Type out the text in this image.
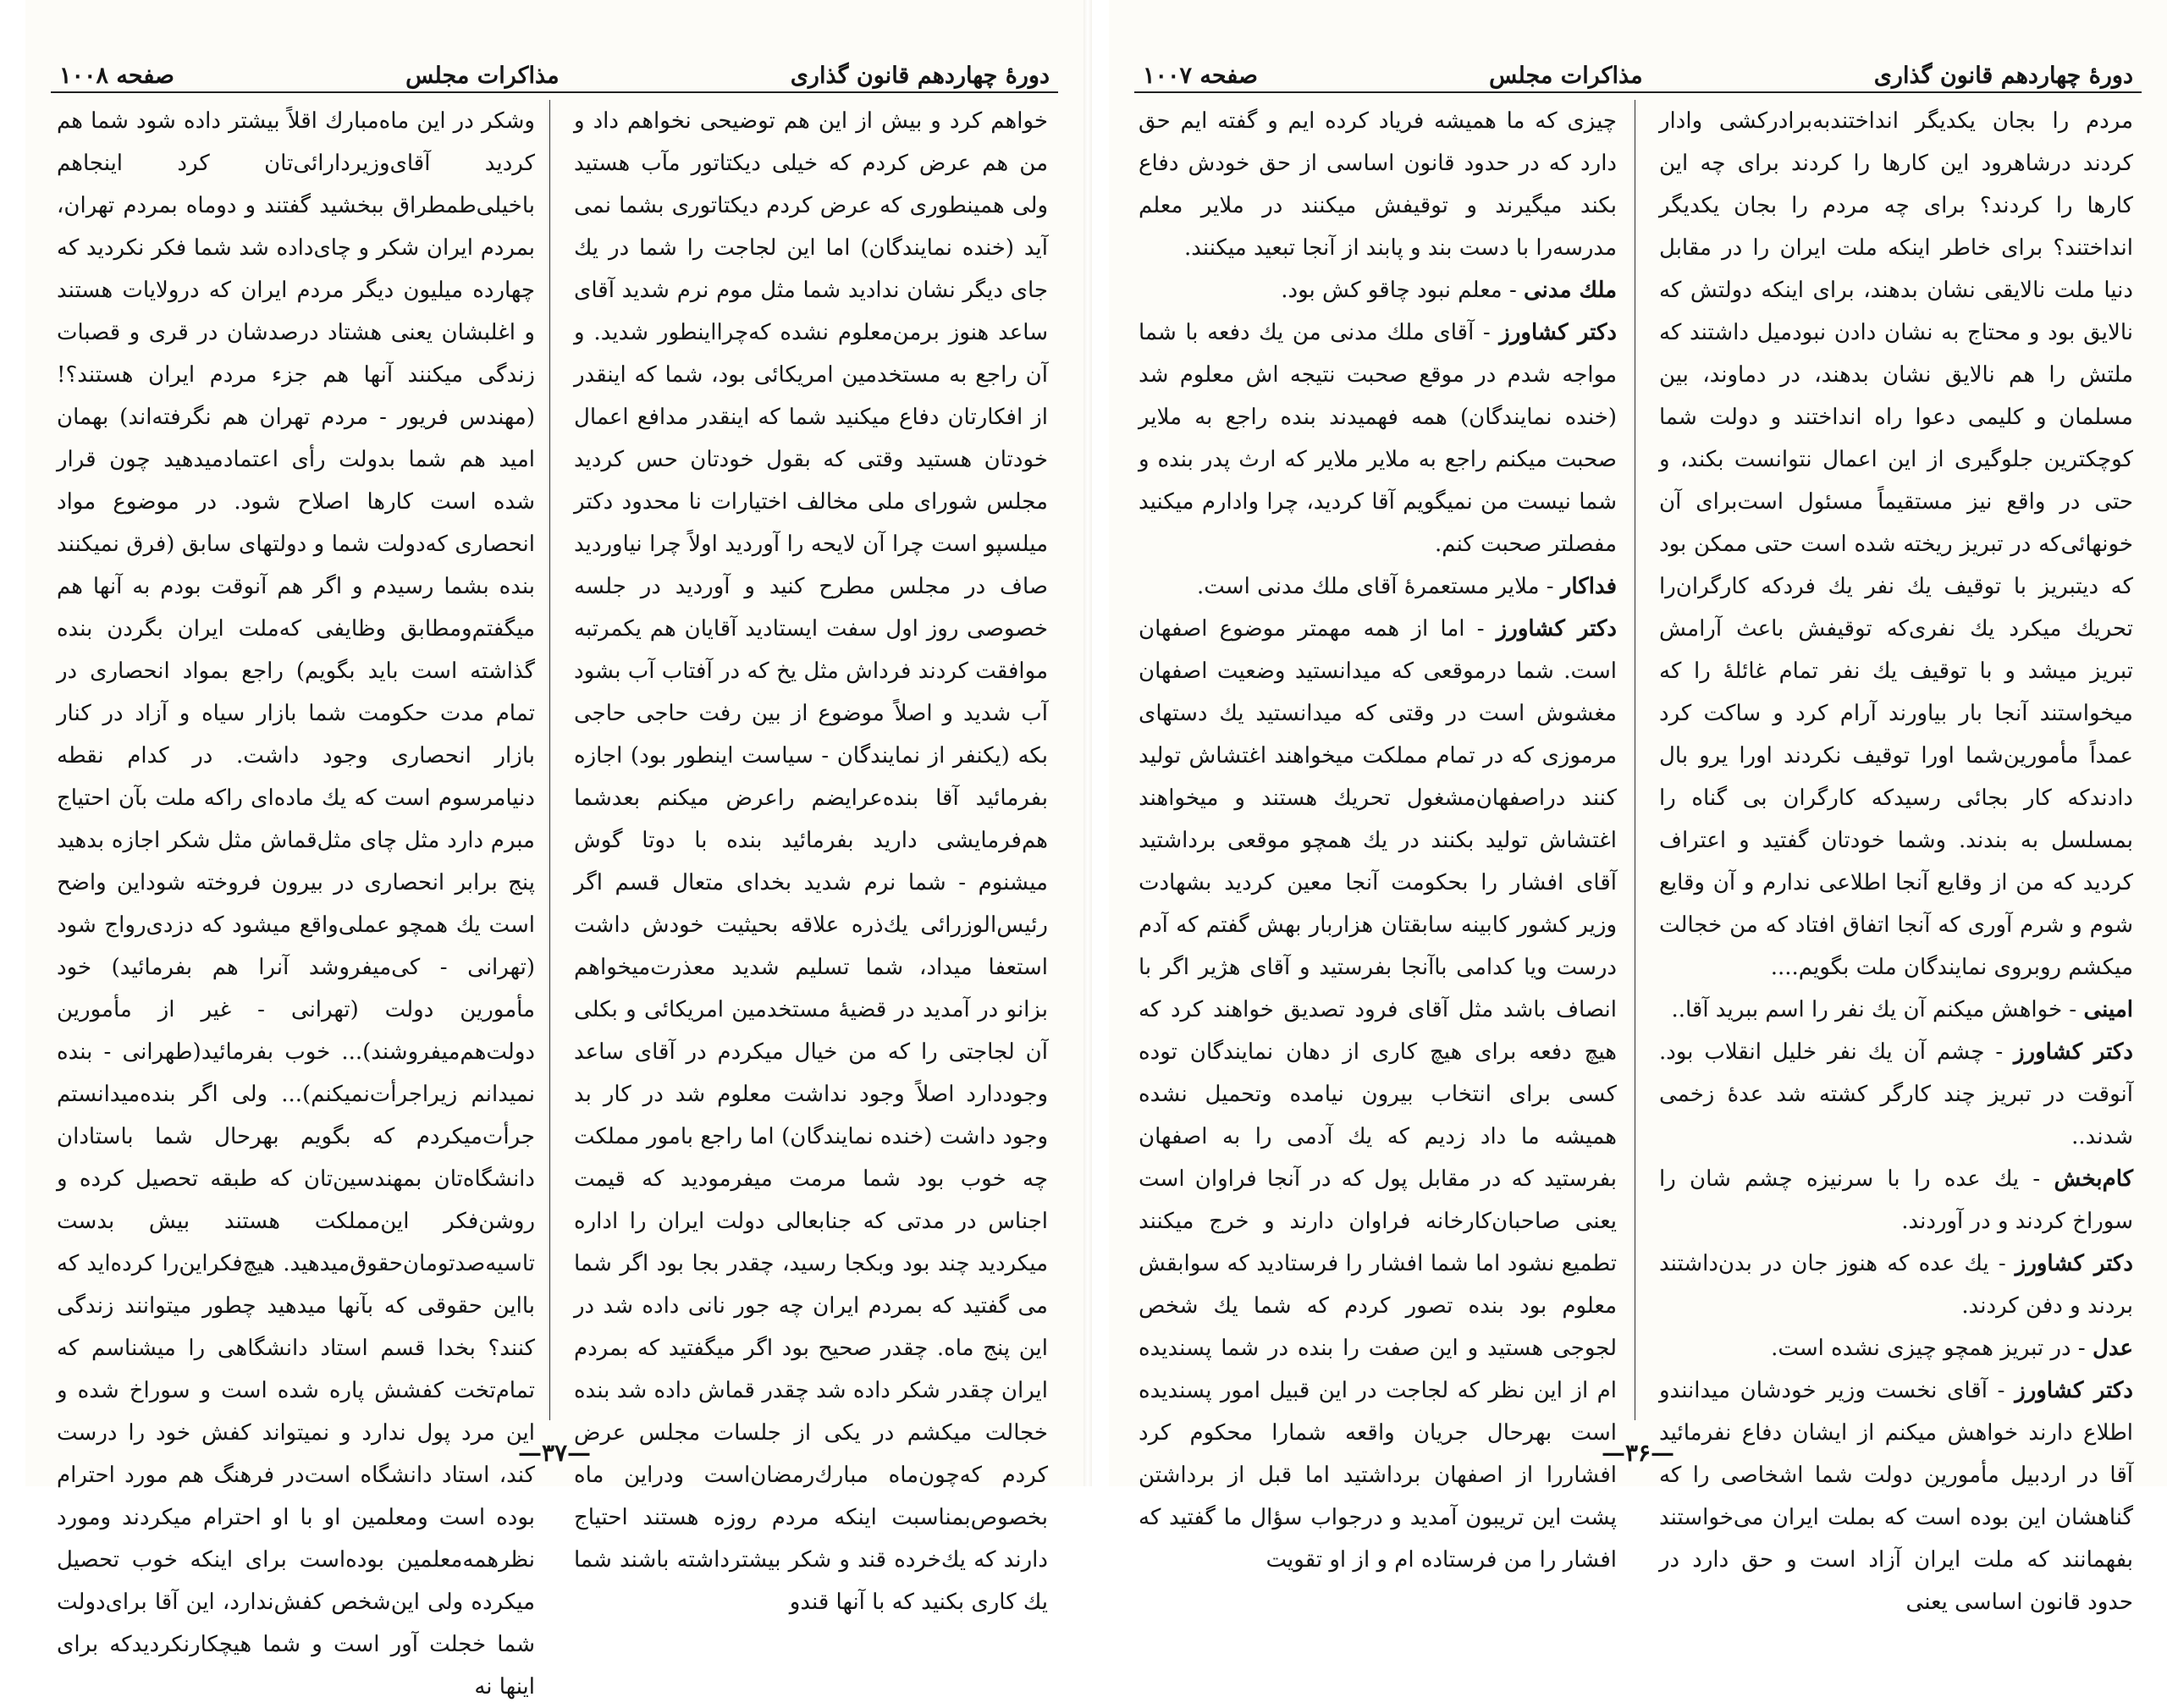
دورهٔ چهاردهم قانون گذاری
مذاکرات مجلس
صفحه ۱۰۰۸

خواهم کرد و بیش از این هم توضیحی نخواهم داد و من هم عرض کردم که خیلی دیکتاتور مآب هستید ولی همینطوری که عرض کردم دیکتاتوری بشما نمی آید (خنده نمایندگان) اما این لجاجت را شما در یك جای دیگر نشان ندادید شما مثل موم نرم شدید آقای ساعد هنوز برمن‌معلوم نشده که‌چرا‌اینطور شدید. و آن راجع به مستخدمین امریکائی بود، شما که اینقدر از افکارتان دفاع میکنید شما که اینقدر مدافع اعمال خودتان هستید وقتی که بقول خودتان حس کردید مجلس شورای ملی مخالف اختیارات نا محدود دکتر میلسپو است چرا آن لایحه را آوردید اولاً چرا نیاوردید صاف در مجلس مطرح کنید و آوردید در جلسه خصوصی روز اول سفت ایستادید آقایان هم یکمرتبه موافقت کردند فرداش مثل یخ که در آفتاب آب بشود آب شدید و اصلاً موضوع از بین رفت حاجی حاجی بکه (یکنفر از نمایندگان - سیاست اینطور بود) اجازه بفرمائید آقا بنده‌عرایضم راعرض میکنم بعدشما هم‌فرمایشی دارید بفرمائید بنده با دوتا گوش میشنوم - شما نرم شدید بخدای متعال قسم اگر رئیس‌الوزرائی یك‌ذره علاقه بحیثیت خودش داشت استعفا میداد، شما تسلیم شدید معذرت‌میخواهم بزانو در آمدید در قضیهٔ مستخدمین امریکائی و بکلی آن لجاجتی را که من خیال میکردم در آقای ساعد وجوددارد اصلاً وجود نداشت معلوم شد در کار بد وجود داشت (خنده نمایندگان) اما راجع بامور مملکت چه خوب بود شما مرمت میفرمودید که قیمت اجناس در مدتی که جنابعالی دولت ایران را اداره میکردید چند بود وبکجا رسید، چقدر بجا بود اگر شما می گفتید که بمردم ایران چه جور نانی داده شد در این پنج ماه. چقدر صحیح بود اگر میگفتید که بمردم ایران چقدر شکر داده شد چقدر قماش داده شد بنده خجالت میکشم در یکی از جلسات مجلس عرض کردم که‌چون‌ماه مبارك‌رمضان‌است ودراین ماه بخصوص‌بمناسبت اینکه مردم روزه هستند احتیاج دارند که یك‌خرده قند و شکر بیشترداشته باشند شما یك کاری بکنید که با آنها قندو

وشکر در این ماه‌مبارك اقلاً بیشتر داده شود شما هم کردید آقای‌وزیر‌دارائی‌تان کرد اینجاهم باخیلی‌طمطراق ببخشید گفتند و دوماه بمردم تهران، بمردم ایران شکر و چای‌داده شد شما فکر نکردید که چهارده میلیون دیگر مردم ایران که در‌ولایات هستند و اغلبشان یعنی هشتاد درصدشان در قری و قصبات زندگی میکنند آنها هم جزء مردم ایران هستند؟! (مهندس فریور - مردم تهران هم نگرفته‌اند) بهمان امید هم شما بدولت رأی اعتماد‌میدهید چون قرار شده است کارها اصلاح شود. در موضوع مواد انحصاری که‌دولت شما و دولتهای سابق (فرق نمیکنند بنده بشما رسیدم و اگر هم آنوقت بودم به آنها هم میگفتم‌ومطابق وظایفی که‌ملت ایران بگردن بنده گذاشته است باید بگویم) راجع بمواد انحصاری در تمام مدت حکومت شما بازار سیاه و آزاد در کنار بازار انحصاری وجود داشت. در کدام نقطه دنیا‌مرسوم است که یك ماده‌ای راکه ملت بآن احتیاج مبرم دارد مثل چای مثل‌قماش مثل شکر اجازه بدهید پنج برابر انحصاری در بیرون فروخته شود‌این واضح است یك همچو عملی‌واقع میشود که دزدی‌رواج شود (تهرانی - کی‌میفروشد آنرا هم بفرمائید) خود مأمورین دولت (تهرانی - غیر از مأمورین دولت‌هم‌میفروشند)... خوب بفرمائید(طهرانی - بنده نمیدانم زیر‌اجرأت‌نمیکنم)... ولی اگر بنده‌میدانستم جرأت‌میکردم که بگویم بهرحال شما باستادان دانشگاه‌تان بمهندسین‌تان که طبقه تحصیل کرده و روشن‌فکر این‌مملکت هستند بیش بدست تاسیه‌صد‌تومان‌حقوق‌میدهید. هیچ‌فکر‌این‌را کرده‌اید که با‌این حقوقی که بآنها میدهید چطور میتوانند زندگی کنند؟ بخدا قسم استاد دانشگاهی را میشناسم که تمام‌تخت کفشش پاره شده است و سوراخ شده و این مرد پول ندارد و نمیتواند کفش خود را درست کند، استاد دانشگاه است‌در فرهنگ هم مورد احترام بوده است ومعلمین او با او احترام میکردند ومورد نظر‌همه‌معلمین بوده‌است برای اینکه خوب تحصیل میکرده ولی این‌شخص کفش‌ندارد، این آقا برای‌دولت شما خجلت آور است و شما هیچکار‌نکردید‌که برای اینها نه

—۳۷—
دورهٔ چهاردهم قانون گذاری
مذاکرات مجلس
صفحه ۱۰۰۷

مردم را بجان یکدیگر انداختند‌به‌برادرکشی وادار کردند درشاهرود این کارها را کردند برای چه این کارها را کردند؟ برای چه مردم را بجان یکدیگر انداختند؟ برای خاطر اینکه ملت ایران را در مقابل دنیا ملت نالایقی نشان بدهند، برای اینکه دولتش که نالایق بود و محتاج به نشان دادن نبود‌میل داشتند که ملتش را هم نالایق نشان بدهند، در دماوند، بین مسلمان و کلیمی دعوا راه انداختند و دولت شما کوچکترین جلوگیری از این اعمال نتوانست بکند، و حتی در واقع نیز مستقیماً مسئول است‌برای آن خونهائی‌که در تبریز ریخته شده است حتی ممکن بود که دیتبریز با توقیف یك نفر یك فرد‌که کارگران‌را تحریك میکرد یك نفری‌که توقیفش باعث آرامش تبریز میشد و با توقیف یك نفر تمام غائلهٔ را که میخواستند آنجا بار بیاورند آرام کرد و ساکت کرد عمداً مأمورین‌شما اورا توقیف نکردند اورا یرو بال دادند‌که کار بجائی رسید‌که کارگران بی گناه را بمسلسل به بندند. وشما خودتان گفتید و اعتراف کردید که من از وقایع آنجا اطلاعی ندارم و آن وقایع شوم و شرم آوری که آنجا اتفاق افتاد که من خجالت میکشم روبروی نمایندگان ملت بگویم....

امینی - خواهش میکنم آن یك نفر را اسم ببرید آقا..

دکتر کشاورز - چشم آن یك نفر خلیل انقلاب بود. آنوقت در تبریز چند کارگر کشته شد عدهٔ زخمی شدند..

کام‌بخش - یك عده را با سرنیزه چشم شان را سوراخ کردند و در آوردند.

دکتر کشاورز - یك عده که هنوز جان در بدن‌داشتند بردند و دفن کردند.

عدل - در تبریز همچو چیزی نشده است.

دکتر کشاورز - آقای نخست وزیر خودشان میدانند‌و اطلاع دارند خواهش میکنم از ایشان دفاع نفرمائید آقا در اردبیل مأمورین دولت شما اشخاصی را که گناهشان این بوده است که بملت ایران می‌خواستند بفهمانند که ملت ایران آزاد است و حق دارد در حدود قانون اساسی یعنی

چیزی که ما همیشه فریاد کرده ایم و گفته ایم حق دارد که در حدود قانون اساسی از حق خودش دفاع بکند میگیرند و توقیفش میکنند در ملایر معلم مدرسه‌را با دست بند و پابند از آنجا تبعید میکنند.

ملك مدنی - معلم نبود چاقو کش بود.

دکتر کشاورز - آقای ملك مدنی من یك دفعه با شما مواجه شدم در موقع صحبت نتیجه اش معلوم شد (خنده نمایندگان) همه فهمیدند بنده راجع به ملایر صحبت میکنم راجع به ملایر ملایر که ارث پدر بنده و شما نیست من نمیگویم آقا کردید، چرا وادارم میکنید مفصلتر صحبت کنم.

فداکار - ملایر مستعمرهٔ آقای ملك مدنی است.

دکتر کشاورز - اما از همه مهمتر موضوع اصفهان است. شما درموقعی که میدانستید وضعیت اصفهان مغشوش است در وقتی که میدانستید یك دستهای مرموزی که در تمام مملکت میخواهند اغتشاش تولید کنند دراصفهان‌مشغول تحریك هستند و میخواهند اغتشاش تولید بکنند در یك همچو موقعی برداشتید آقای افشار را بحکومت آنجا معین کردید بشهادت وزیر کشور کابینه سابقتان هزاربار بهش گفتم که آدم درست ویا کدامی باآنجا بفرستید و آقای هژیر اگر با انصاف باشد مثل آقای فرود تصدیق خواهند کرد که هیچ دفعه برای هیچ کاری از دهان نمایندگان توده کسی برای انتخاب بیرون نیامده وتحمیل نشده همیشه ما داد زدیم که یك آدمی را به اصفهان بفرستید که در مقابل پول که در آنجا فراوان است یعنی صاحبان‌کارخانه فراوان دارند و خرج میکنند تطمیع نشود اما شما افشار را فرستادید که سوابقش معلوم بود بنده تصور کردم که شما یك شخص لجوجی هستید و این صفت را بنده در شما پسندیده ام از این نظر که لجاجت در این قبیل امور پسندیده است بهرحال جریان واقعه شمارا محکوم کرد افشاررا از اصفهان برداشتید اما قبل از برداشتن پشت این تریبون آمدید و درجواب سؤال ما گفتید که افشار را من فرستاده ام و از او تقویت

—۳۶—
